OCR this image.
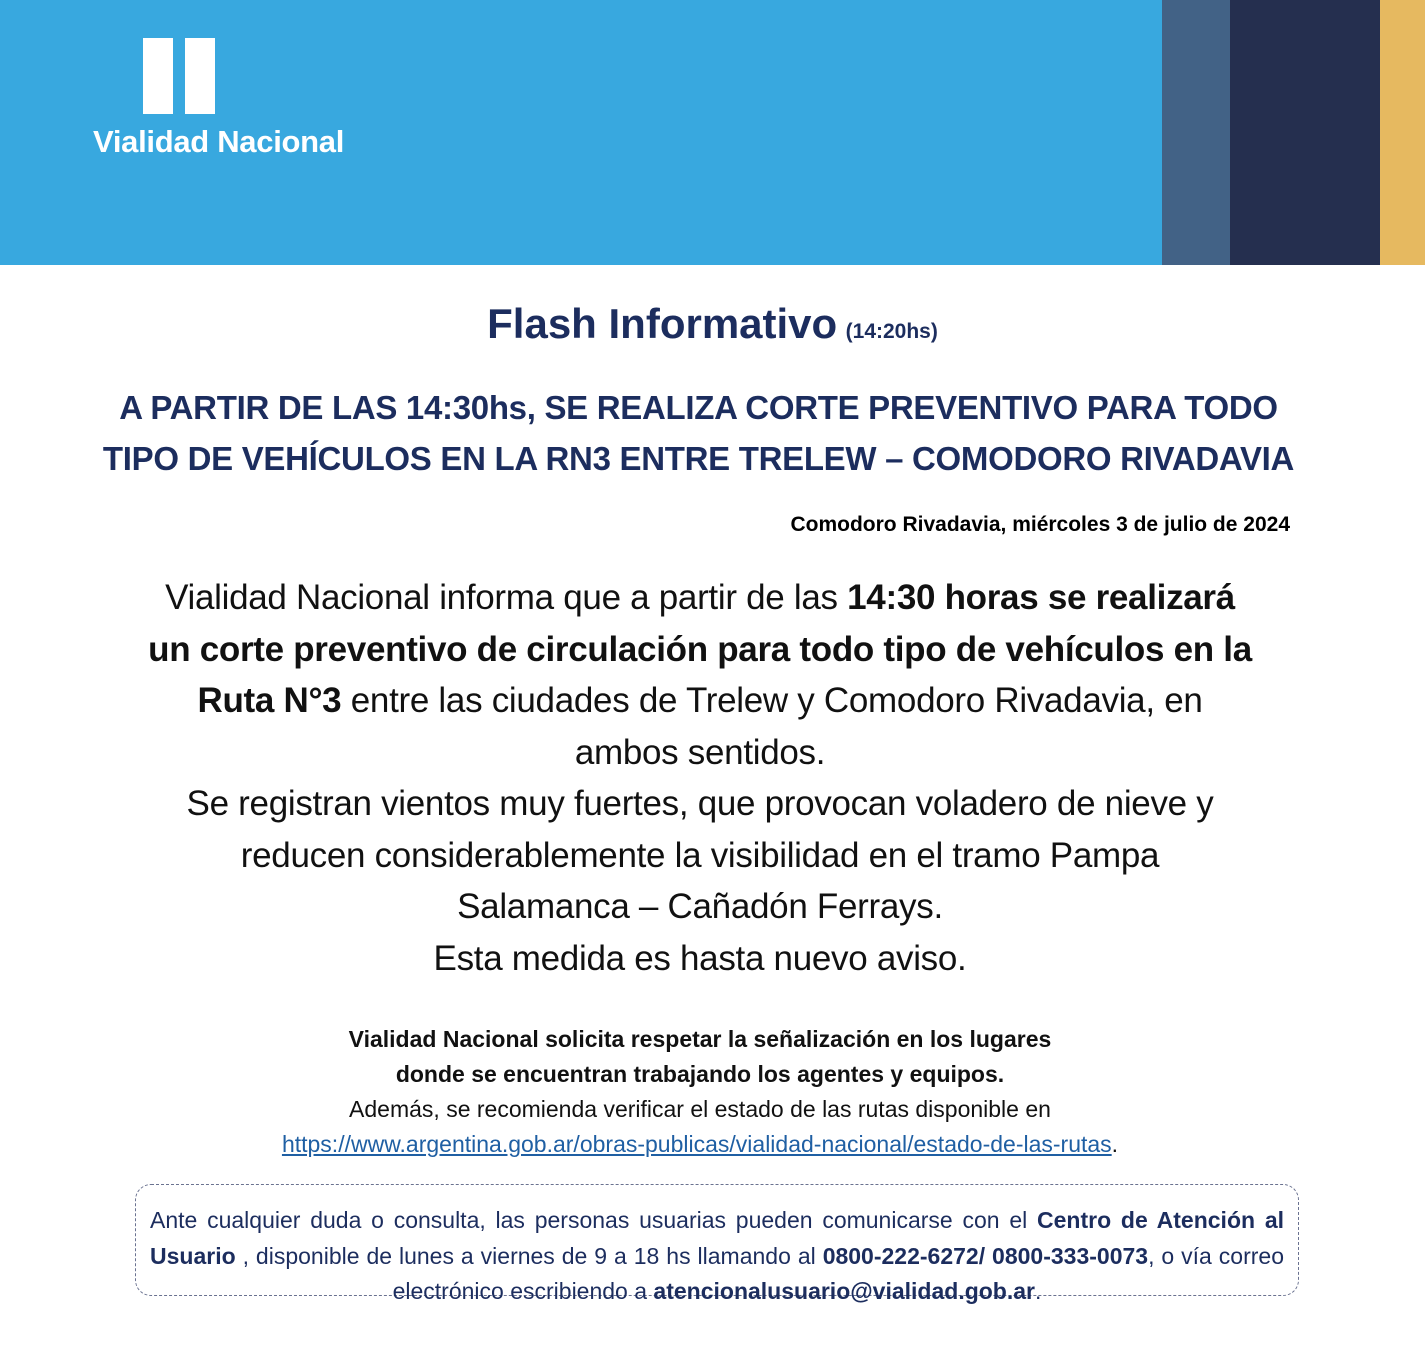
Vialidad Nacional
Flash Informativo (14:20hs)
A PARTIR DE LAS 14:30hs, SE REALIZA CORTE PREVENTIVO PARA TODO
TIPO DE VEHÍCULOS EN LA RN3 ENTRE TRELEW – COMODORO RIVADAVIA
Comodoro Rivadavia, miércoles 3 de julio de 2024
Vialidad Nacional informa que a partir de las 14:30 horas se realizará
un corte preventivo de circulación para todo tipo de vehículos en la
Ruta N°3 entre las ciudades de Trelew y Comodoro Rivadavia, en
ambos sentidos.
Se registran vientos muy fuertes, que provocan voladero de nieve y
reducen considerablemente la visibilidad en el tramo Pampa
Salamanca – Cañadón Ferrays.
Esta medida es hasta nuevo aviso.
Vialidad Nacional solicita respetar la señalización en los lugares
donde se encuentran trabajando los agentes y equipos.
Además, se recomienda verificar el estado de las rutas disponible en
https://www.argentina.gob.ar/obras-publicas/vialidad-nacional/estado-de-las-rutas.
Ante cualquier duda o consulta, las personas usuarias pueden comunicarse con el Centro de Atención al Usuario , disponible de lunes a viernes de 9 a 18 hs llamando al 0800-222-6272/ 0800-333-0073, o vía correo electrónico escribiendo a atencionalusuario@vialidad.gob.ar.
